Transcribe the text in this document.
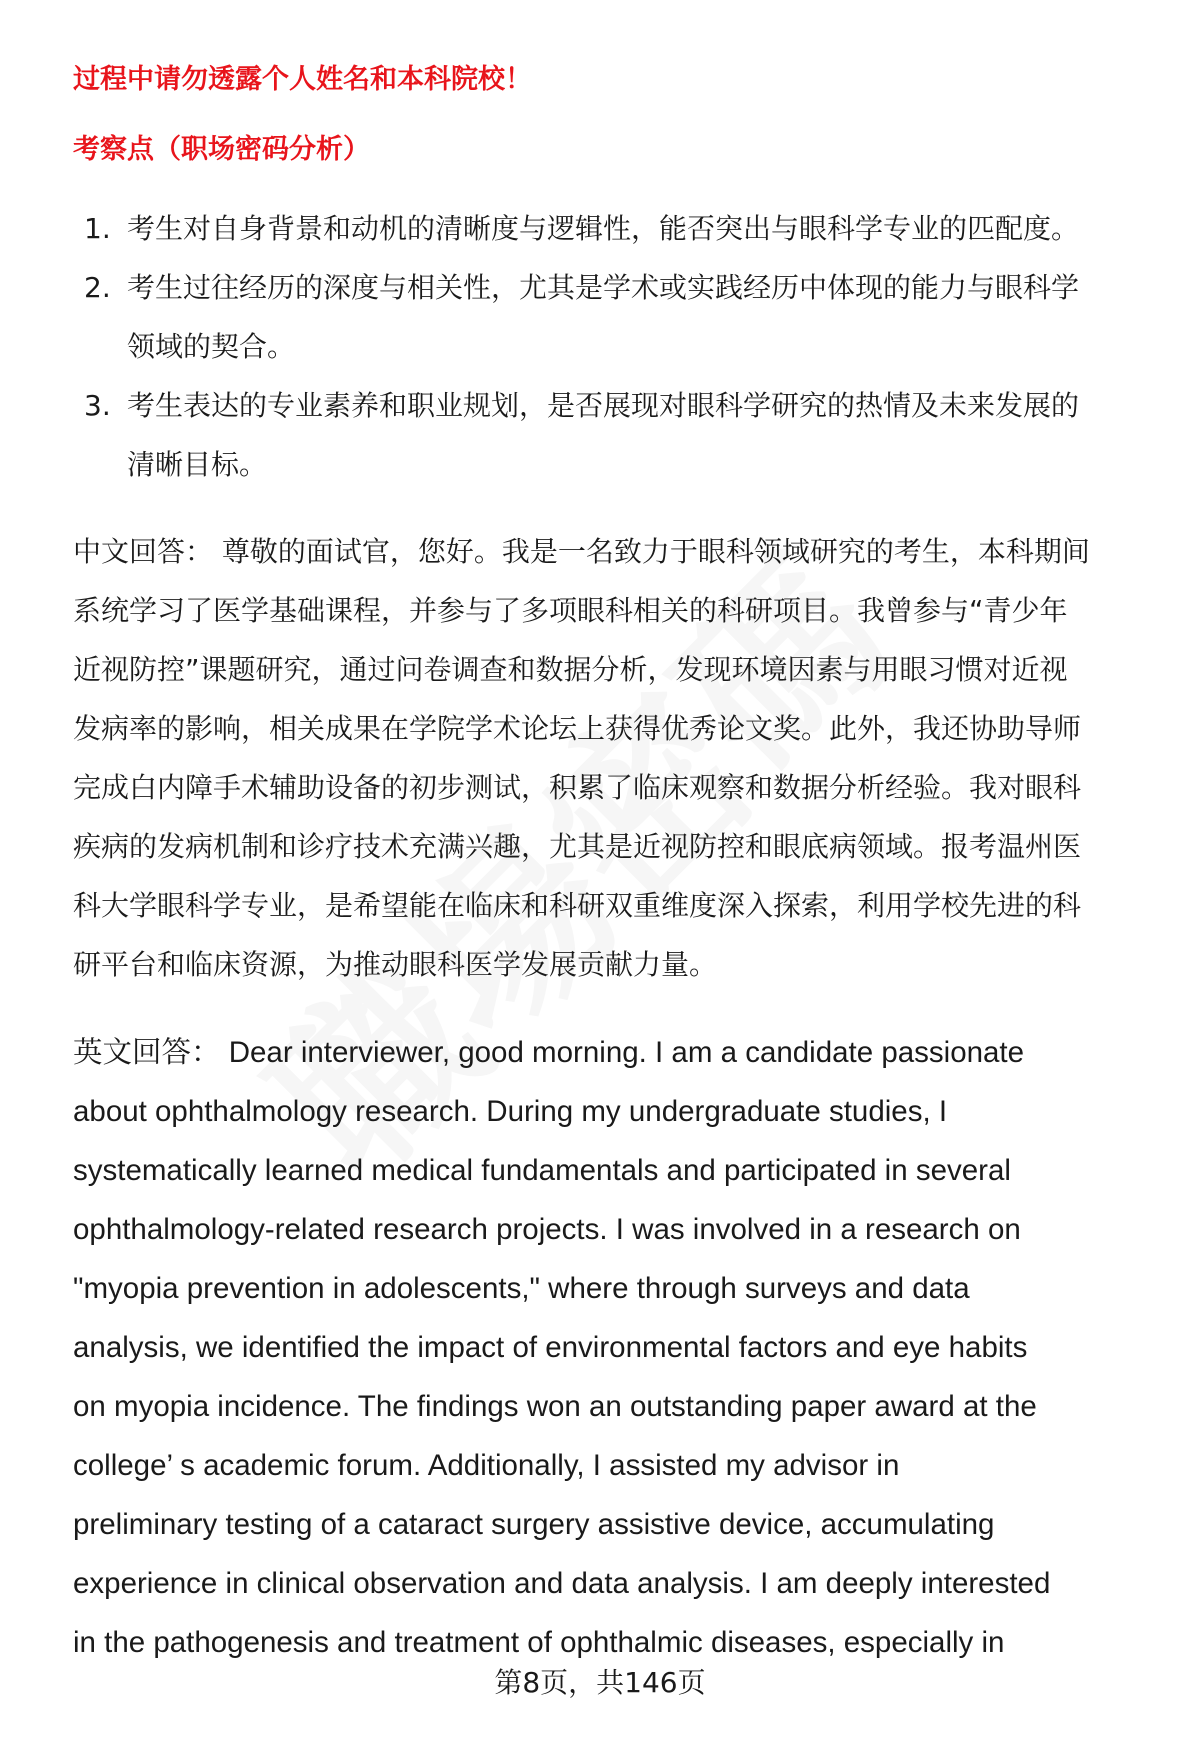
过程中请勿透露个人姓名和本科院校！
考察点（职场密码分析）
1. 考生对自身背景和动机的清晰度与逻辑性，能否突出与眼科学专业的匹配度。
2. 考生过往经历的深度与相关性，尤其是学术或实践经历中体现的能力与眼科学
领域的契合。
3. 考生表达的专业素养和职业规划，是否展现对眼科学研究的热情及未来发展的
清晰目标。
中文回答： 尊敬的面试官，您好。我是一名致力于眼科领域研究的考生，本科期间
系统学习了医学基础课程，并参与了多项眼科相关的科研项目。我曾参与“青少年
近视防控”课题研究，通过问卷调查和数据分析，发现环境因素与用眼习惯对近视
发病率的影响，相关成果在学院学术论坛上获得优秀论文奖。此外，我还协助导师
完成白内障手术辅助设备的初步测试，积累了临床观察和数据分析经验。我对眼科
疾病的发病机制和诊疗技术充满兴趣，尤其是近视防控和眼底病领域。报考温州医
科大学眼科学专业，是希望能在临床和科研双重维度深入探索，利用学校先进的科
研平台和临床资源，为推动眼科医学发展贡献力量。
英文回答： Dear interviewer, good morning. I am a candidate passionate
about ophthalmology research. During my undergraduate studies, I
systematically learned medical fundamentals and participated in several
ophthalmology-related research projects. I was involved in a research on
"myopia prevention in adolescents," where through surveys and data
analysis, we identified the impact of environmental factors and eye habits
on myopia incidence. The findings won an outstanding paper award at the
college’ s academic forum. Additionally, I assisted my advisor in
preliminary testing of a cataract surgery assistive device, accumulating
experience in clinical observation and data analysis. I am deeply interested
in the pathogenesis and treatment of ophthalmic diseases, especially in
第8页，共146页
